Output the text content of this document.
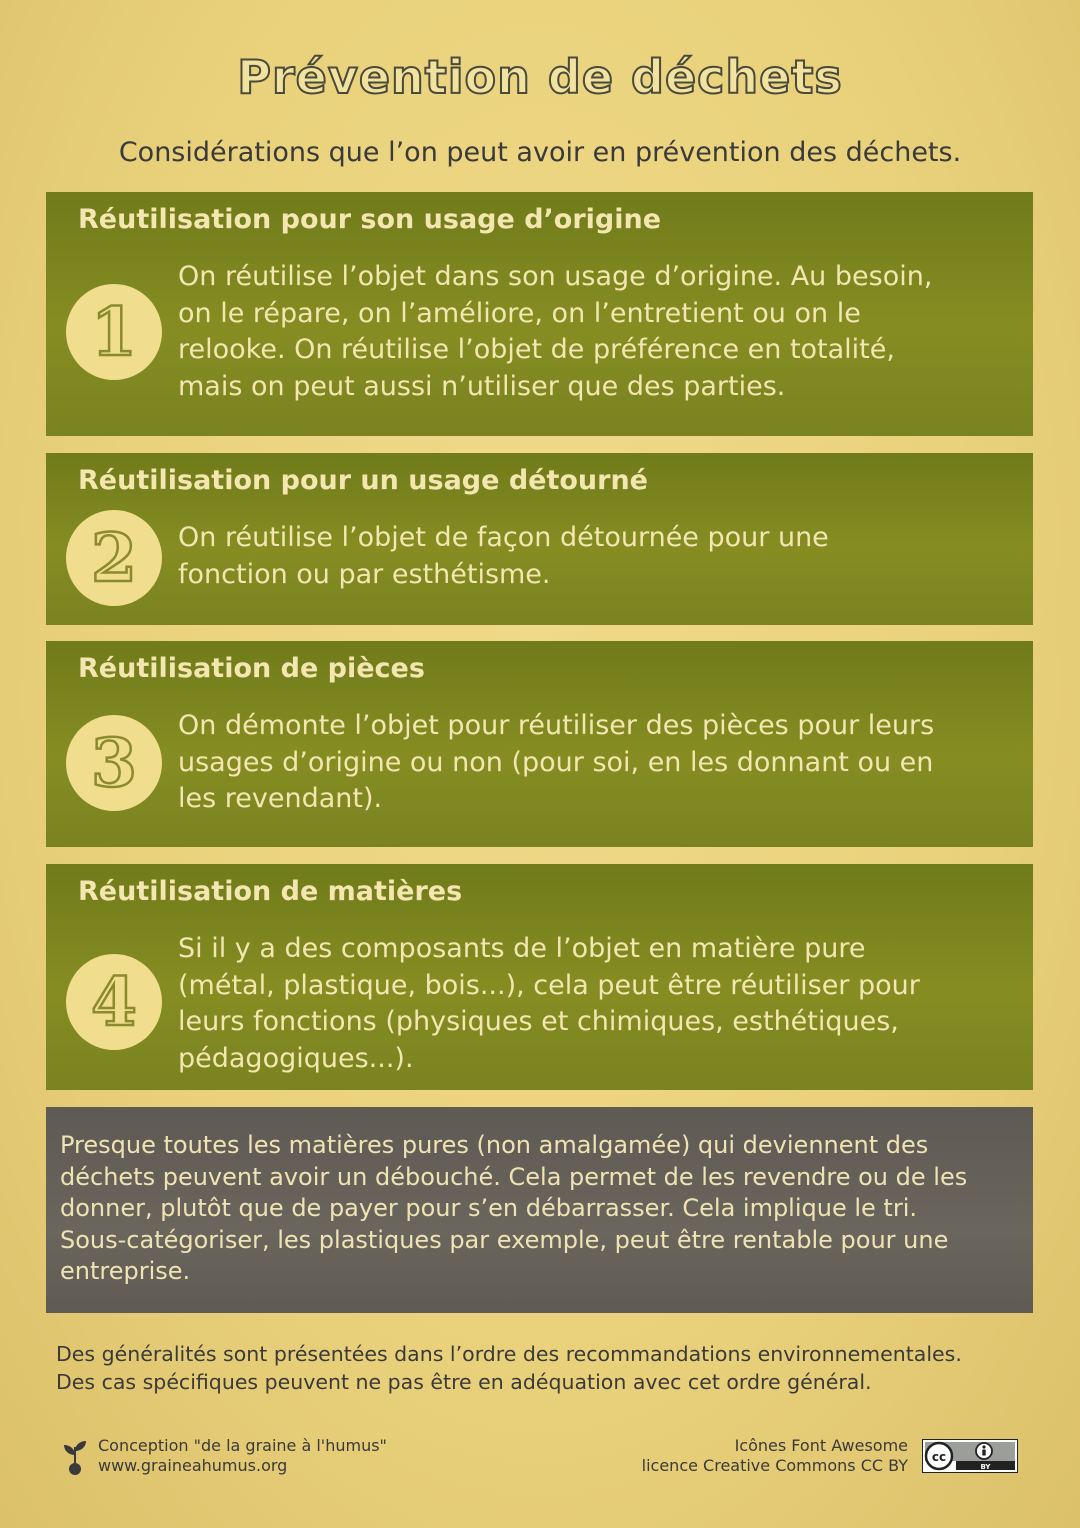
Prévention de déchets
Considérations que l’on peut avoir en prévention des déchets.
Réutilisation pour son usage d’origine
1
On réutilise l’objet dans son usage d’origine. Au besoin,
on le répare, on l’améliore, on l’entretient ou on le
relooke. On réutilise l’objet de préférence en totalité,
mais on peut aussi n’utiliser que des parties.
Réutilisation pour un usage détourné
2 On réutilise l’objet de façon détournée pour une
fonction ou par esthétisme.
Réutilisation de pièces
3 On démonte l’objet pour réutiliser des pièces pour leurs
usages d’origine ou non (pour soi, en les donnant ou en
les revendant).
Réutilisation de matières
4
Si il y a des composants de l’objet en matière pure
(métal, plastique, bois...), cela peut être réutiliser pour
leurs fonctions (physiques et chimiques, esthétiques,
pédagogiques...).
Presque toutes les matières pures (non amalgamée) qui deviennent des
déchets peuvent avoir un débouché. Cela permet de les revendre ou de les
donner, plutôt que de payer pour s’en débarrasser. Cela implique le tri.
Sous-catégoriser, les plastiques par exemple, peut être rentable pour une
entreprise.
Des généralités sont présentées dans l’ordre des recommandations environnementales.
Des cas spécifiques peuvent ne pas être en adéquation avec cet ordre général.
Conception "de la graine à l'humus"
www.graineahumus.org
Icônes Font Awesome
licence Creative Commons CC BY cc
BY
